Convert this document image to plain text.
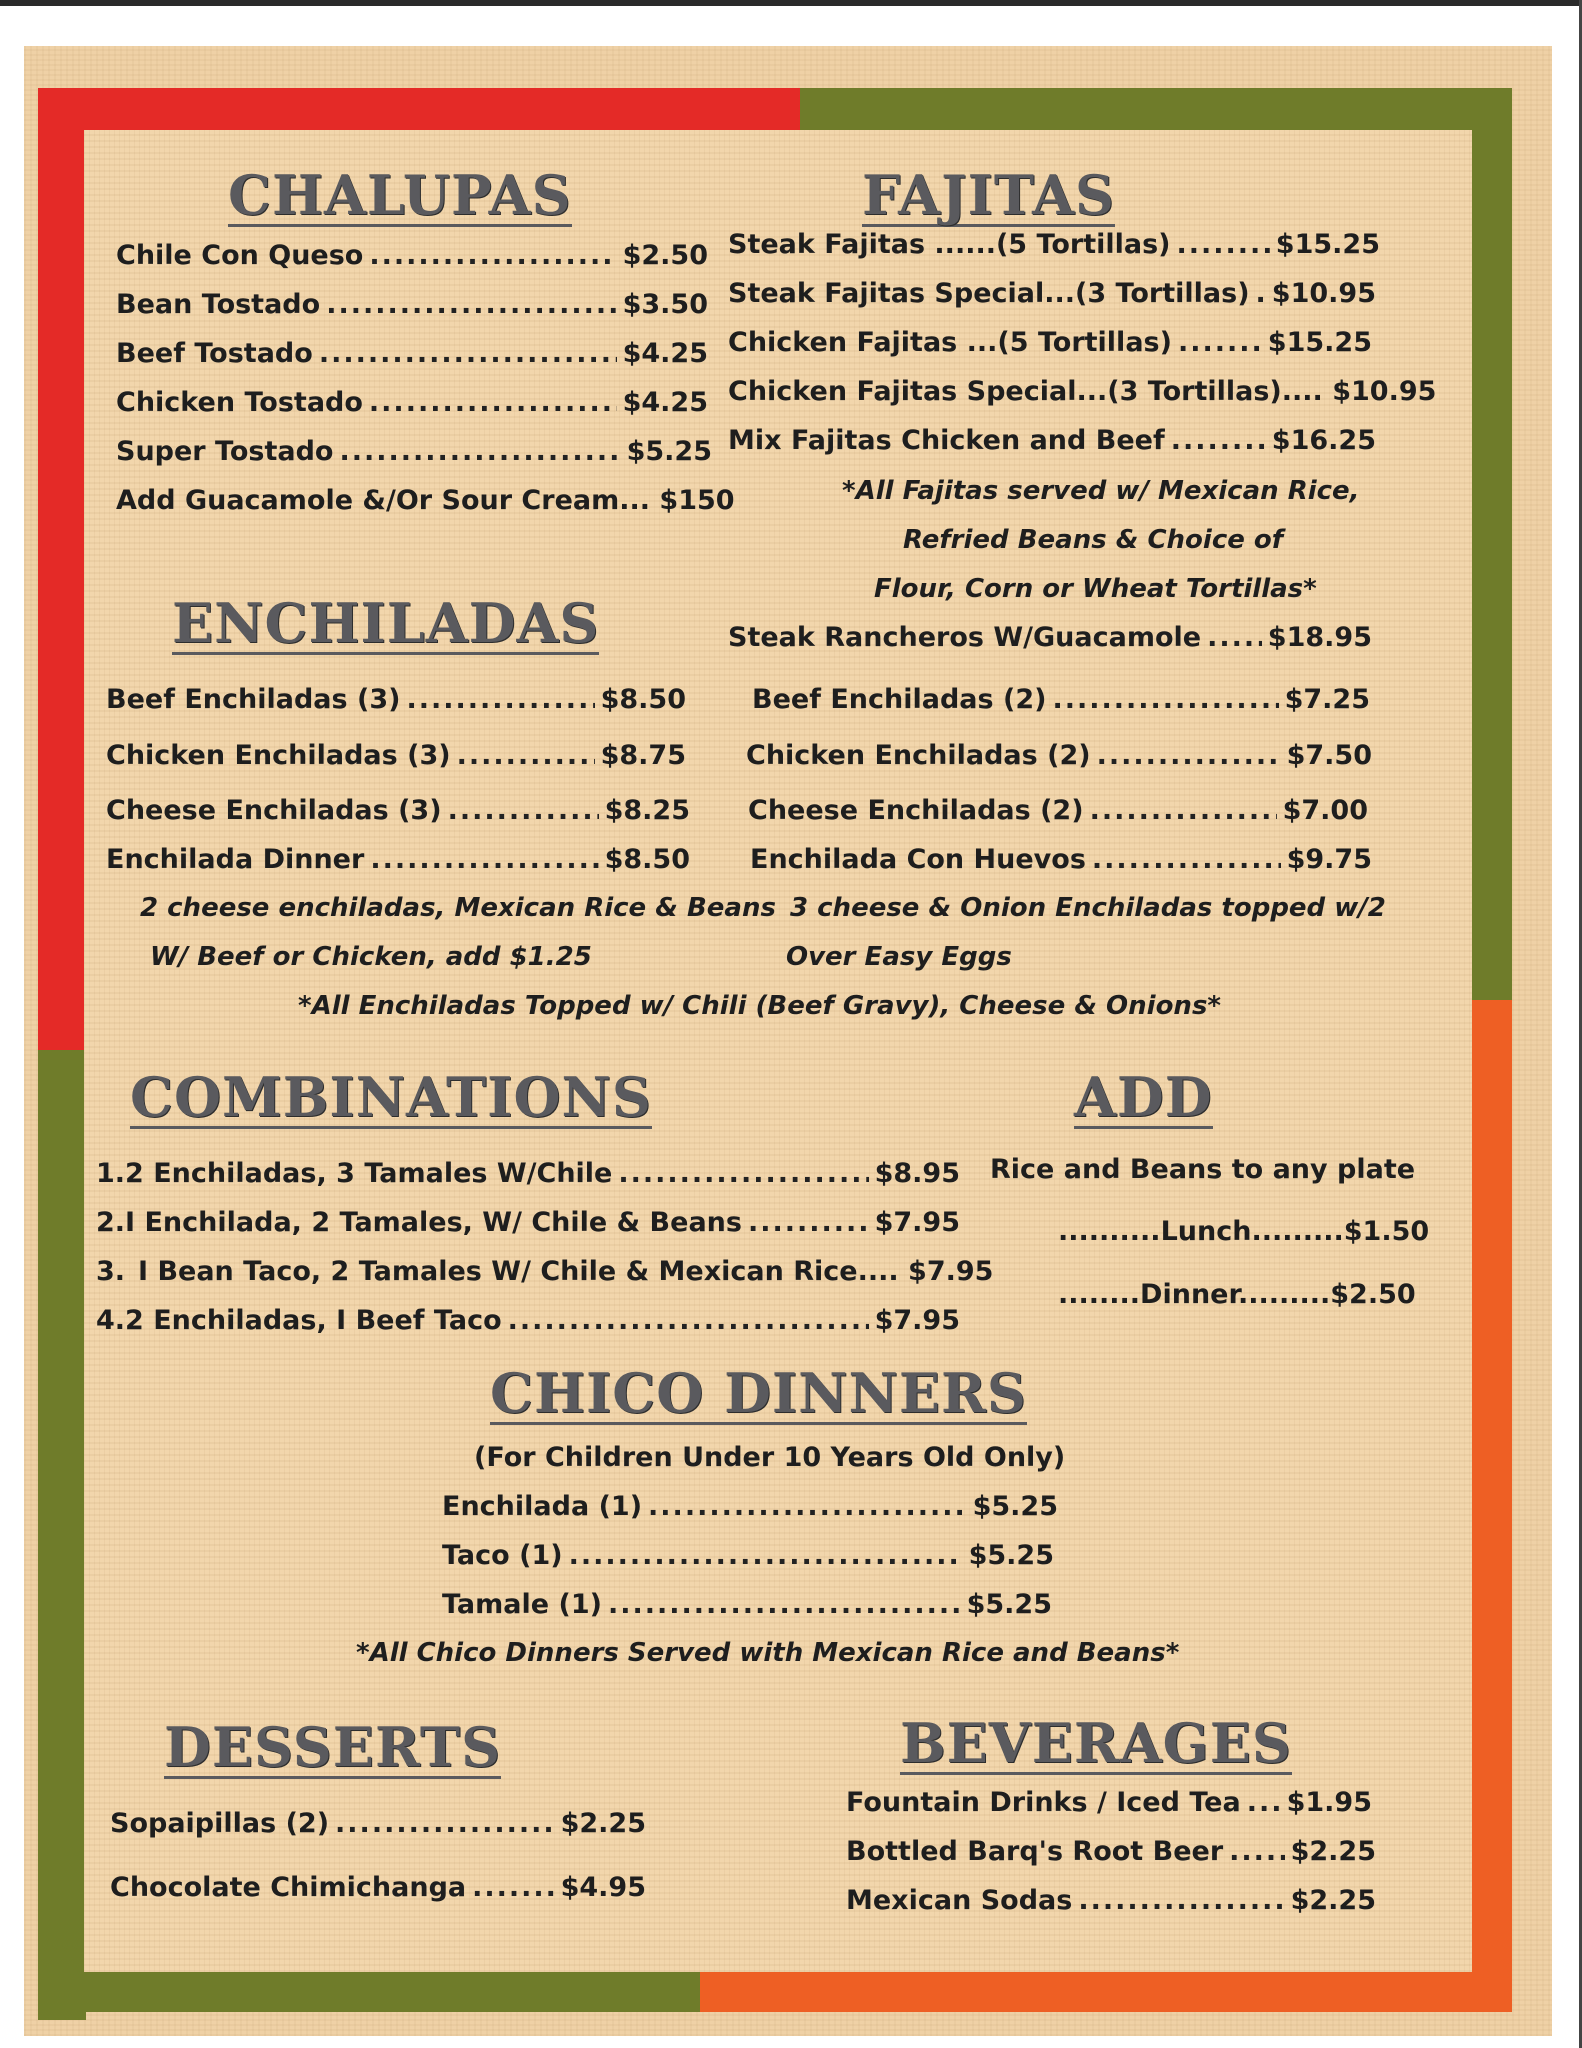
CHALUPAS
Chile Con Queso .....	$2.50
Bean Tostado .....	$3.50
Beef Tostado .....	$4.25
Chicken Tostado .....	$4.25
Super Tostado .....	$5.25
Add Guacamole &/Or Sour Cream... $150
FAJITAS
Steak Fajitas ......(5 Tortillas) .....	$15.25
Steak Fajitas Special...(3 Tortillas) ..... $10.95
Chicken Fajitas ...(5 Tortillas) .....	$15.25
Chicken Fajitas Special...(3 Tortillas).... $10.95
Mix Fajitas Chicken and Beef .....	$16.25
*All Fajitas served w/ Mexican Rice,
Refried Beans & Choice of
Flour, Corn or Wheat Tortillas*
Steak Rancheros W/Guacamole ..... $18.95
ENCHILADAS
Beef Enchiladas (3) .....	$8.50
Chicken Enchiladas (3) .....	$8.75
Cheese Enchiladas (3) .....	$8.25
Enchilada Dinner .....	$8.50
2 cheese enchiladas, Mexican Rice & Beans
W/ Beef or Chicken, add $1.25
Beef Enchiladas (2) .....	$7.25
Chicken Enchiladas (2) .....	$7.50
Cheese Enchiladas (2) .....	$7.00
Enchilada Con Huevos .....	$9.75
3 cheese & Onion Enchiladas topped w/2
Over Easy Eggs
*All Enchiladas Topped w/ Chili (Beef Gravy), Cheese & Onions*
COMBINATIONS
1. 2 Enchiladas, 3 Tamales W/Chile .....	$8.95
2. I Enchilada, 2 Tamales, W/ Chile & Beans .....	$7.95
3. I Bean Taco, 2 Tamales W/ Chile & Mexican Rice.... $7.95
4. 2 Enchiladas, I Beef Taco .....	$7.95
ADD
Rice and Beans to any plate
..........Lunch.........$1.50
........Dinner.........$2.50
CHICO DINNERS
(For Children Under 10 Years Old Only)
Enchilada (1) .....	$5.25
Taco (1) .....	$5.25
Tamale (1) .....	$5.25
*All Chico Dinners Served with Mexican Rice and Beans*
DESSERTS
Sopaipillas (2) .....	$2.25
Chocolate Chimichanga .....	$4.95
BEVERAGES
Fountain Drinks / Iced Tea ..... $1.95
Bottled Barq's Root Beer ..... $2.25
Mexican Sodas .....	$2.25
